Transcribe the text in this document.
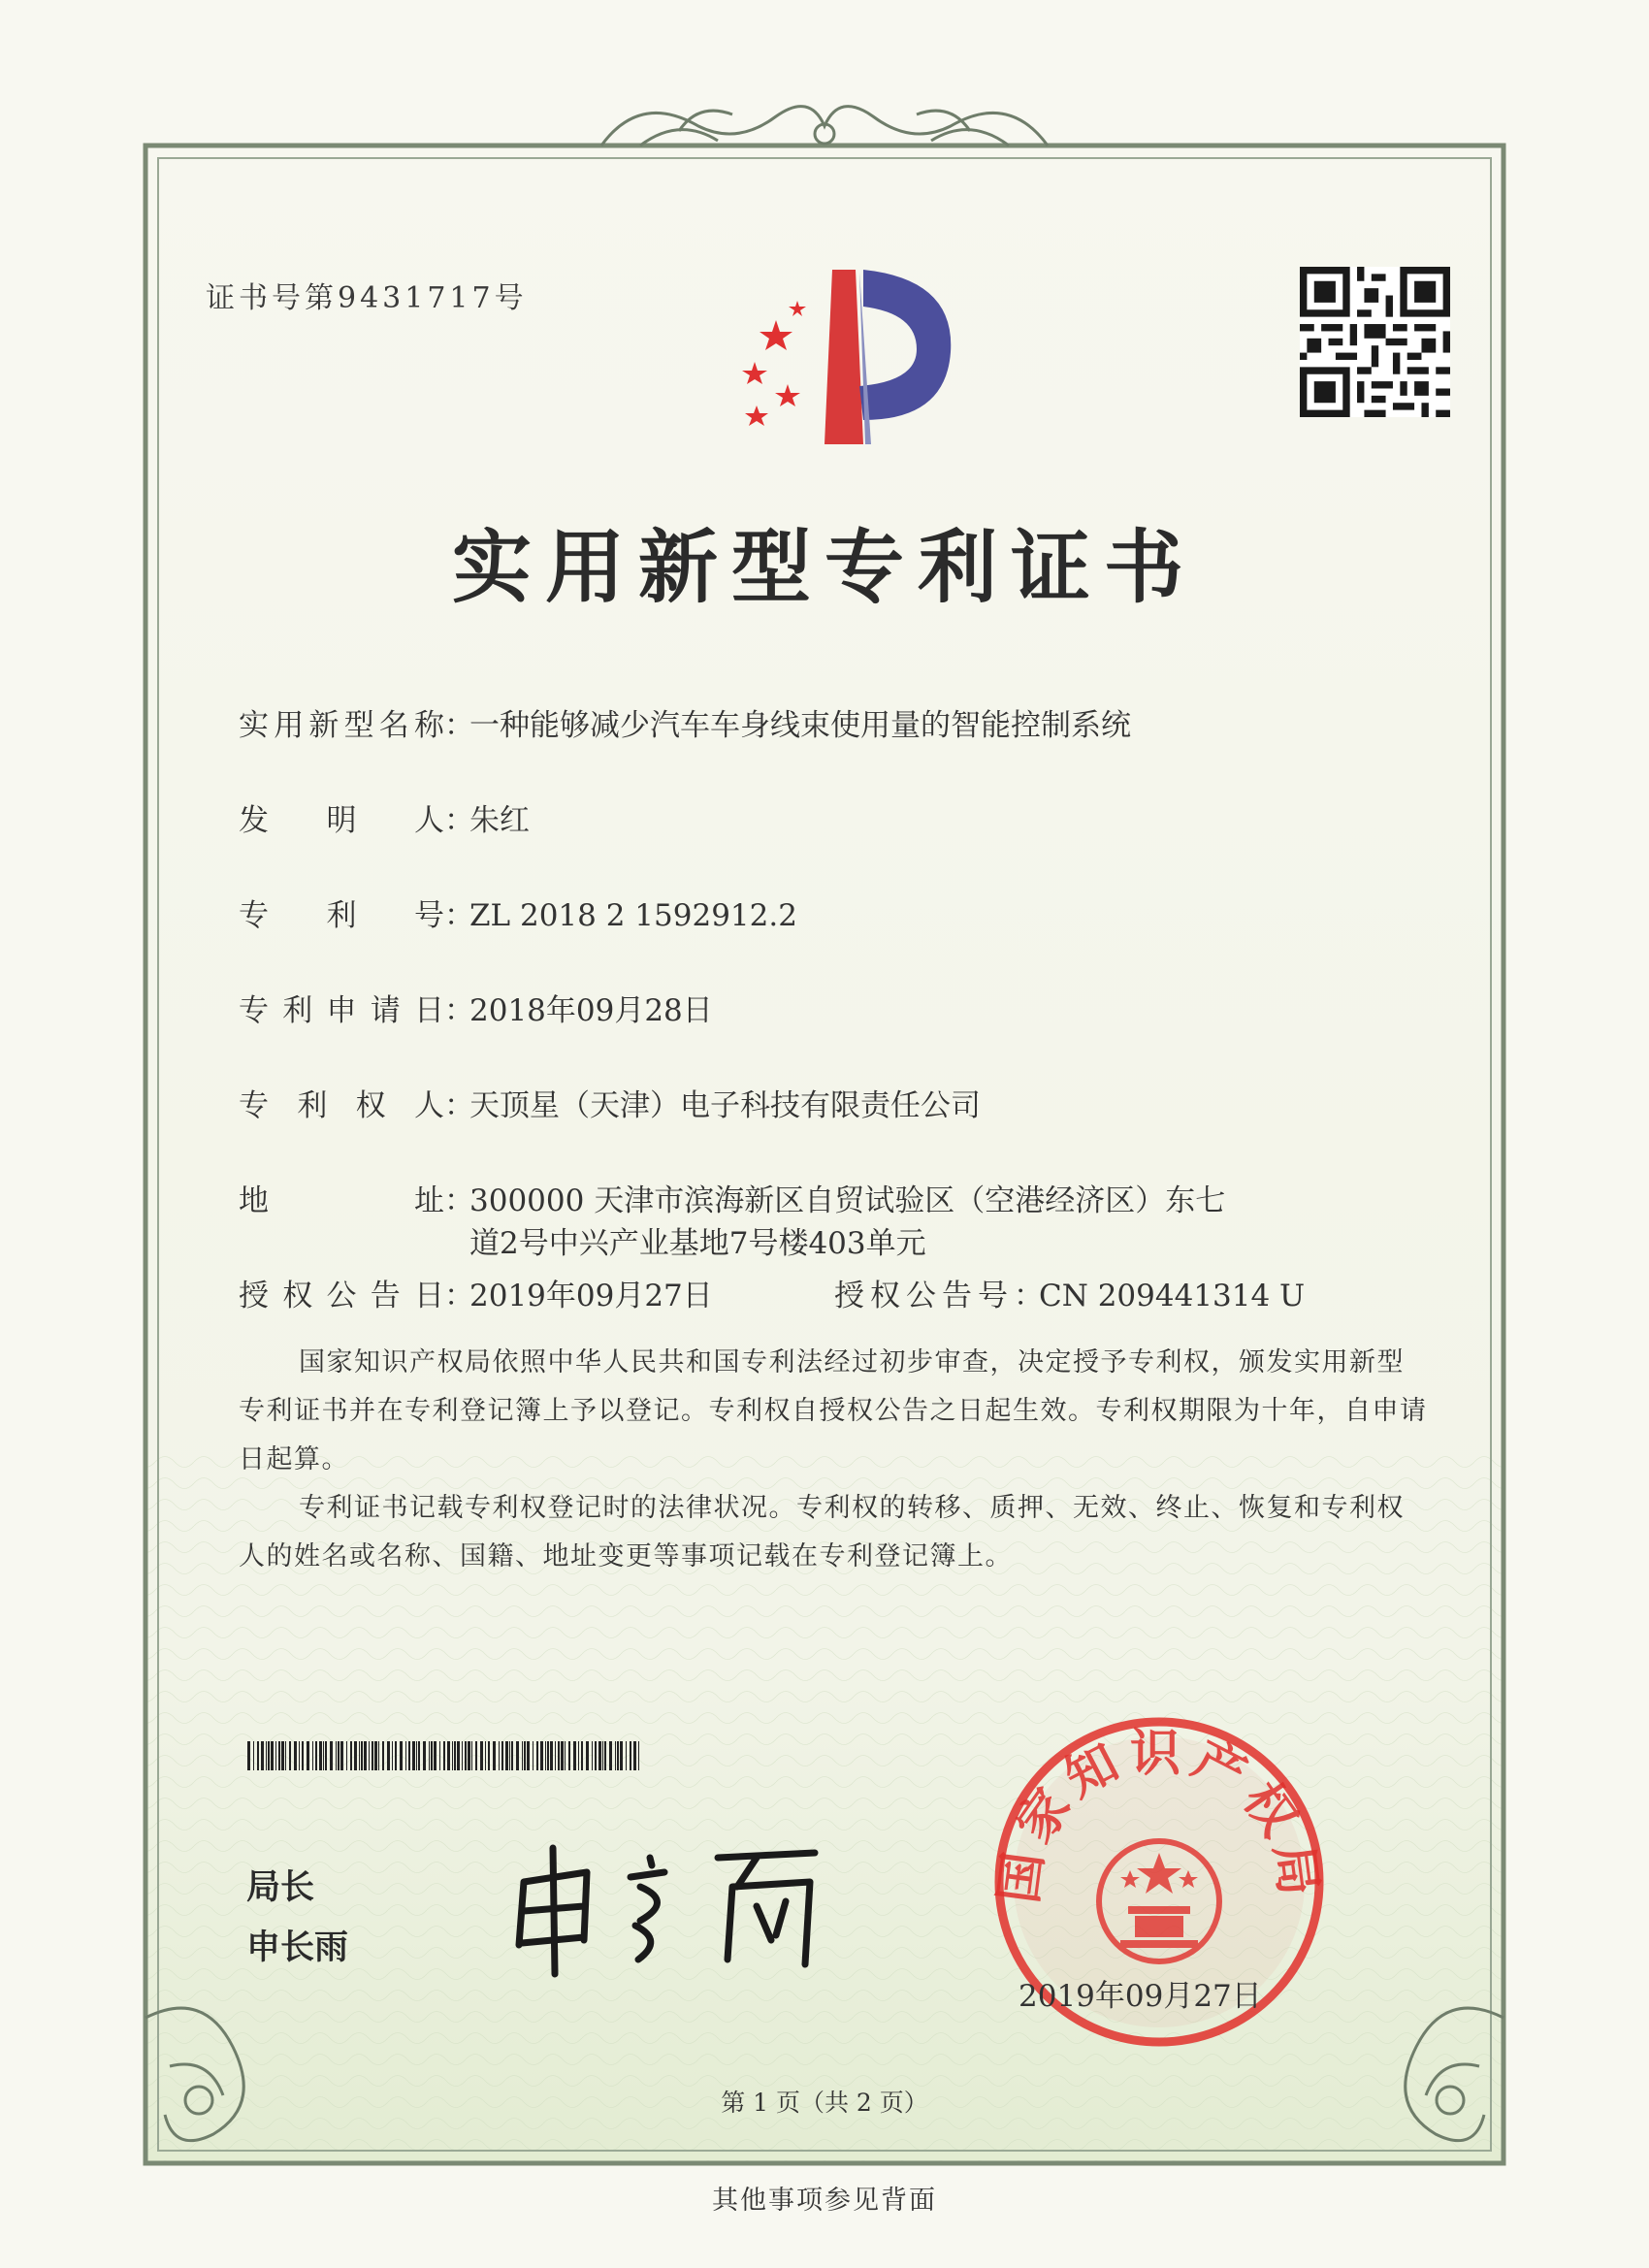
证书号第9431717号
实用新型专利证书
实用新型名称：一种能够减少汽车车身线束使用量的智能控制系统
发明人：朱红
专利号：ZL 2018 2 1592912.2
专利申请日：2018年09月28日
专利权人：天顶星（天津）电子科技有限责任公司
地址：300000 天津市滨海新区自贸试验区（空港经济区）东七
道2号中兴产业基地7号楼403单元
授权公告日：2019年09月27日	授权公告号：CN 209441314 U
国家知识产权局依照中华人民共和国专利法经过初步审查，决定授予专利权，颁发实用新型专利证书并在专利登记簿上予以登记。专利权自授权公告之日起生效。专利权期限为十年，自申请日起算。
专利证书记载专利权登记时的法律状况。专利权的转移、质押、无效、终止、恢复和专利权人的姓名或名称、国籍、地址变更等事项记载在专利登记簿上。
局长
申长雨
国家知识产权局
2019年09月27日
第 1 页（共 2 页）
其他事项参见背面
